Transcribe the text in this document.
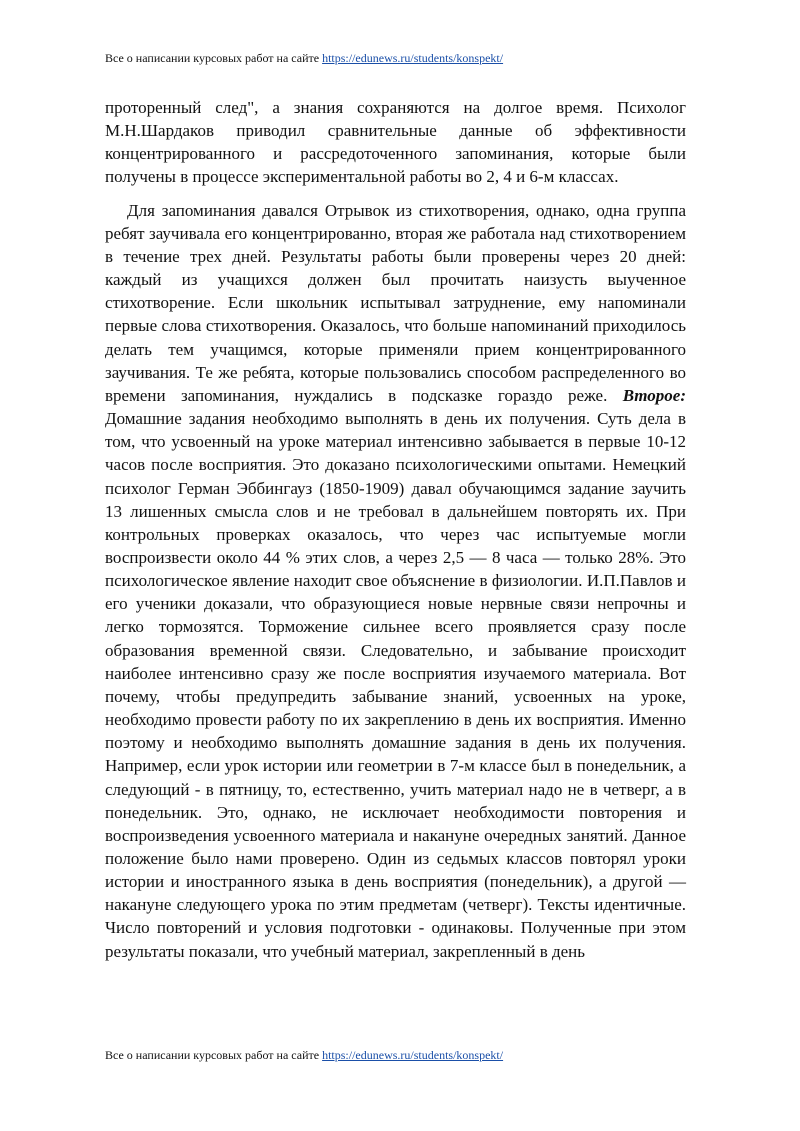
Все о написании курсовых работ на сайте https://edunews.ru/students/konspekt/

проторенный след", а знания сохраняются на долгое время. Психолог М.Н.Шардаков приводил сравнительные данные об эффективности концентрированного и рассредоточенного запоминания, которые были получены в процессе экспериментальной работы во 2, 4 и 6-м классах.

Для запоминания давался Отрывок из стихотворения, однако, одна группа ребят заучивала его концентрированно, вторая же работала над стихотворением в течение трех дней. Результаты работы были проверены через 20 дней: каждый из учащихся должен был прочитать наизусть выученное стихотворение. Если школьник испытывал затруднение, ему напоминали первые слова стихотворения. Оказалось, что больше напоминаний приходилось делать тем учащимся, которые применяли прием концентрированного заучивания. Те же ребята, которые пользовались способом распределенного во времени запоминания, нуждались в подсказке гораздо реже. Второе: Домашние задания необходимо выполнять в день их получения. Суть дела в том, что усвоенный на уроке материал интенсивно забывается в первые 10-12 часов после восприятия. Это доказано психологическими опытами. Немецкий психолог Герман Эббингауз (1850-1909) давал обучающимся задание заучить 13 лишенных смысла слов и не требовал в дальнейшем повторять их. При контрольных проверках оказалось, что через час испытуемые могли воспроизвести около 44 % этих слов, а через 2,5 — 8 часа — только 28%. Это психологическое явление находит свое объяснение в физиологии. И.П.Павлов и его ученики доказали, что образующиеся новые нервные связи непрочны и легко тормозятся. Торможение сильнее всего проявляется сразу после образования временной связи. Следовательно, и забывание происходит наиболее интенсивно сразу же после восприятия изучаемого материала. Вот почему, чтобы предупредить забывание знаний, усвоенных на уроке, необходимо провести работу по их закреплению в день их восприятия. Именно поэтому и необходимо выполнять домашние задания в день их получения. Например, если урок истории или геометрии в 7-м классе был в понедельник, а следующий - в пятницу, то, естественно, учить материал надо не в четверг, а в понедельник. Это, однако, не исключает необходимости повторения и воспроизведения усвоенного материала и накануне очередных занятий. Данное положение было нами проверено. Один из седьмых классов повторял уроки истории и иностранного языка в день восприятия (понедельник), а другой — накануне следующего урока по этим предметам (четверг). Тексты идентичные. Число повторений и условия подготовки - одинаковы. Полученные при этом результаты показали, что учебный материал, закрепленный в день

Все о написании курсовых работ на сайте https://edunews.ru/students/konspekt/
